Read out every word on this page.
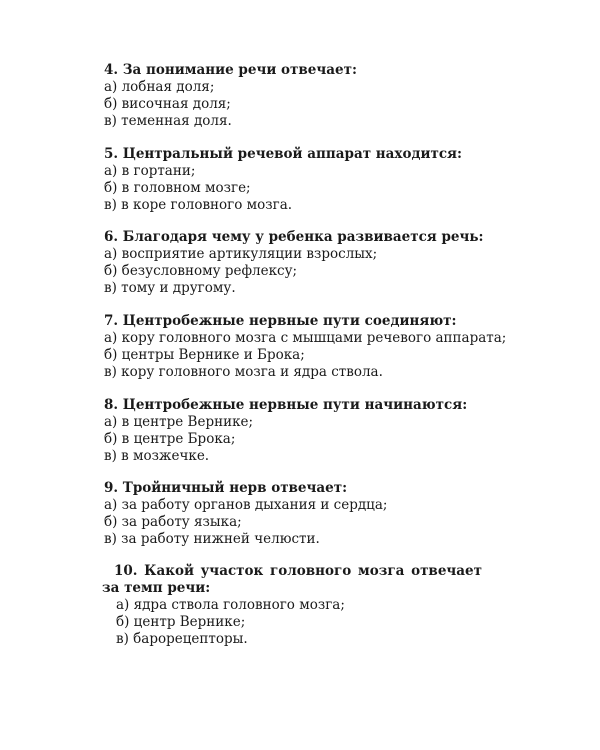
4. За понимание речи отвечает:

а) лобная доля;

б) височная доля;

в) теменная доля.

5. Центральный речевой аппарат находится:

а) в гортани;

б) в головном мозге;

в) в коре головного мозга.

6. Благодаря чему у ребенка развивается речь:

а) восприятие артикуляции взрослых;

б) безусловному рефлексу;

в) тому и другому.

7. Центробежные нервные пути соединяют:

а) кору головного мозга с мышцами речевого аппарата;

б) центры Вернике и Брока;

в) кору головного мозга и ядра ствола.

8. Центробежные нервные пути начинаются:

а) в центре Вернике;

б) в центре Брока;

в) в мозжечке.

9. Тройничный нерв отвечает:

а) за работу органов дыхания и сердца;

б) за работу языка;

в) за работу нижней челюсти.

10. Какой участок головного мозга отвечает за темп речи:

а) ядра ствола головного мозга;

б) центр Вернике;

в) барорецепторы.
